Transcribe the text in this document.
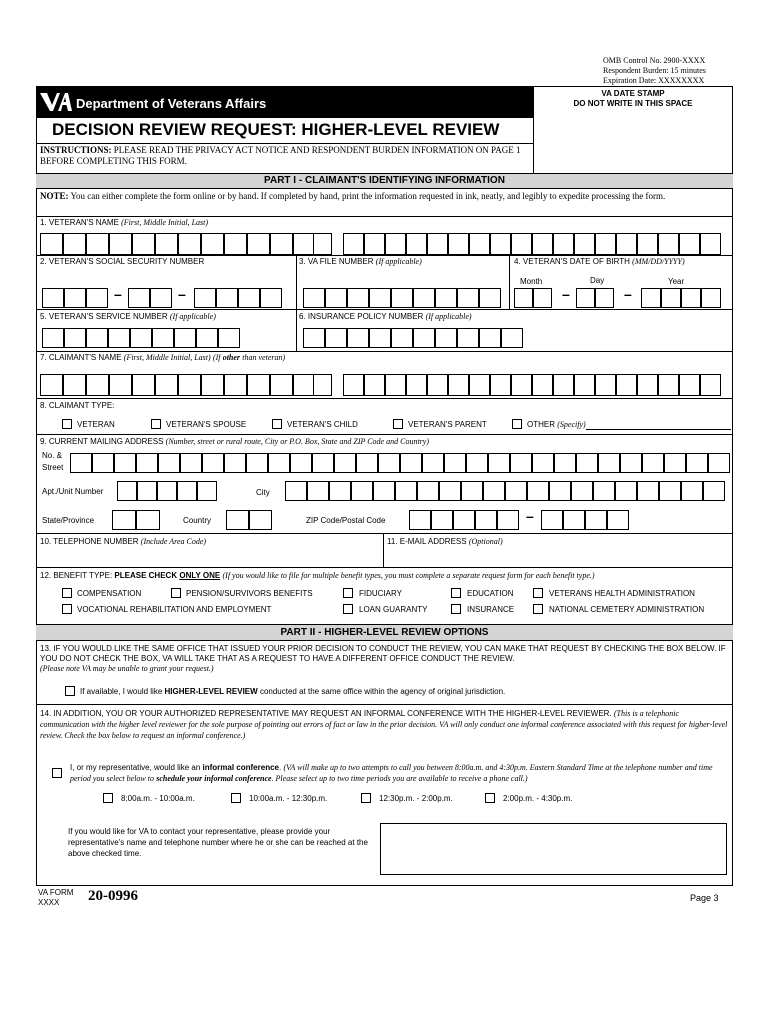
OMB Control No. 2900-XXXX
Respondent Burden: 15 minutes
Expiration Date: XXXXXXXX
Department of Veterans Affairs
VA DATE STAMP
DO NOT WRITE IN THIS SPACE
DECISION REVIEW REQUEST: HIGHER-LEVEL REVIEW
INSTRUCTIONS: PLEASE READ THE PRIVACY ACT NOTICE AND RESPONDENT BURDEN INFORMATION ON PAGE 1 BEFORE COMPLETING THIS FORM.
PART I - CLAIMANT'S IDENTIFYING INFORMATION
NOTE: You can either complete the form online or by hand. If completed by hand, print the information requested in ink, neatly, and legibly to expedite processing the form.
1. VETERAN'S NAME (First, Middle Initial, Last)
2. VETERAN'S SOCIAL SECURITY NUMBER	3. VA FILE NUMBER (If applicable)	4. VETERAN'S DATE OF BIRTH (MM/DD/YYYY)
Month	Day	Year
–	–	–	–
5. VETERAN'S SERVICE NUMBER (If applicable)	6. INSURANCE POLICY NUMBER (If applicable)
7. CLAIMANT'S NAME (First, Middle Initial, Last) (If other than veteran)
8. CLAIMANT TYPE:
VETERAN	VETERAN'S SPOUSE	VETERAN'S CHILD	VETERAN'S PARENT	OTHER (Specify)
9. CURRENT MAILING ADDRESS (Number, street or rural route, City or P.O. Box, State and ZIP Code and Country)
No. &
Street
Apt./Unit Number	City
State/Province	Country	ZIP Code/Postal Code	–
10. TELEPHONE NUMBER (Include Area Code)	11. E-MAIL ADDRESS (Optional)
12. BENEFIT TYPE: PLEASE CHECK ONLY ONE (If you would like to file for multiple benefit types, you must complete a separate request form for each benefit type.)
COMPENSATION	PENSION/SURVIVORS BENEFITS	FIDUCIARY	EDUCATION	VETERANS HEALTH ADMINISTRATION
VOCATIONAL REHABILITATION AND EMPLOYMENT	LOAN GUARANTY	INSURANCE	NATIONAL CEMETERY ADMINISTRATION
PART II - HIGHER-LEVEL REVIEW OPTIONS
13. IF YOU WOULD LIKE THE SAME OFFICE THAT ISSUED YOUR PRIOR DECISION TO CONDUCT THE REVIEW, YOU CAN MAKE THAT REQUEST BY CHECKING THE BOX BELOW. IF YOU DO NOT CHECK THE BOX, VA WILL TAKE THAT AS A REQUEST TO HAVE A DIFFERENT OFFICE CONDUCT THE REVIEW.
(Please note VA may be unable to grant your request.)
If available, I would like HIGHER-LEVEL REVIEW conducted at the same office within the agency of original jurisdiction.
14. IN ADDITION, YOU OR YOUR AUTHORIZED REPRESENTATIVE MAY REQUEST AN INFORMAL CONFERENCE WITH THE HIGHER-LEVEL REVIEWER. (This is a telephonic communication with the higher level reviewer for the sole purpose of pointing out errors of fact or law in the prior decision. VA will only conduct one informal conference associated with this request for higher-level review. Check the box below to request an informal conference.)
I, or my representative, would like an informal conference. (VA will make up to two attempts to call you between 8:00a.m. and 4:30p.m. Eastern Standard Time at the telephone number and time period you select below to schedule your informal conference. Please select up to two time periods you are available to receive a phone call.)
8:00a.m. - 10:00a.m.	10:00a.m. - 12:30p.m.	12:30p.m. - 2:00p.m.	2:00p.m. - 4:30p.m.
If you would like for VA to contact your representative, please provide your representative's name and telephone number where he or she can be reached at the above checked time.
VA FORM
XXXX 20-0996	Page 3
